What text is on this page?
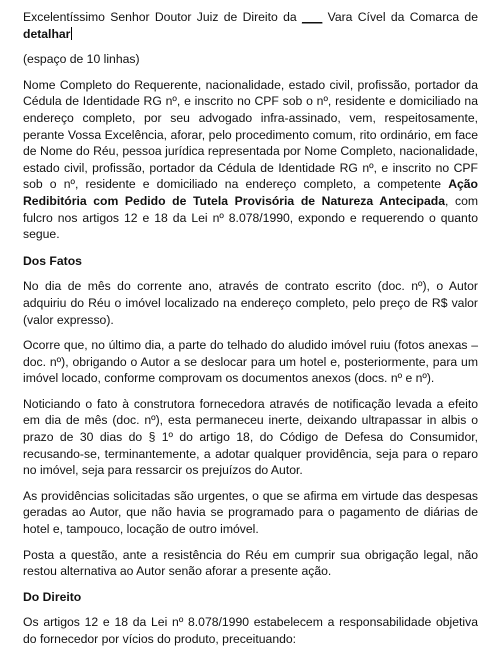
Excelentíssimo Senhor Doutor Juiz de Direito da ___ Vara Cível da Comarca de detalhar

(espaço de 10 linhas)

Nome Completo do Requerente, nacionalidade, estado civil, profissão, portador da Cédula de Identidade RG nº, e inscrito no CPF sob o nº, residente e domiciliado na endereço completo, por seu advogado infra-assinado, vem, respeitosamente, perante Vossa Excelência, aforar, pelo procedimento comum, rito ordinário, em face de Nome do Réu, pessoa jurídica representada por Nome Completo, nacionalidade, estado civil, profissão, portador da Cédula de Identidade RG nº, e inscrito no CPF sob o nº, residente e domiciliado na endereço completo, a competente Ação Redibitória com Pedido de Tutela Provisória de Natureza Antecipada, com fulcro nos artigos 12 e 18 da Lei nº 8.078/1990, expondo e requerendo o quanto segue.

Dos Fatos

No dia de mês do corrente ano, através de contrato escrito (doc. nº), o Autor adquiriu do Réu o imóvel localizado na endereço completo, pelo preço de R$ valor (valor expresso).

Ocorre que, no último dia, a parte do telhado do aludido imóvel ruiu (fotos anexas – doc. nº), obrigando o Autor a se deslocar para um hotel e, posteriormente, para um imóvel locado, conforme comprovam os documentos anexos (docs. nº e nº).

Noticiando o fato à construtora fornecedora através de notificação levada a efeito em dia de mês (doc. nº), esta permaneceu inerte, deixando ultrapassar in albis o prazo de 30 dias do § 1º do artigo 18, do Código de Defesa do Consumidor, recusando-se, terminantemente, a adotar qualquer providência, seja para o reparo no imóvel, seja para ressarcir os prejuízos do Autor.

As providências solicitadas são urgentes, o que se afirma em virtude das despesas geradas ao Autor, que não havia se programado para o pagamento de diárias de hotel e, tampouco, locação de outro imóvel.

Posta a questão, ante a resistência do Réu em cumprir sua obrigação legal, não restou alternativa ao Autor senão aforar a presente ação.

Do Direito

Os artigos 12 e 18 da Lei nº 8.078/1990 estabelecem a responsabilidade objetiva do fornecedor por vícios do produto, preceituando:
